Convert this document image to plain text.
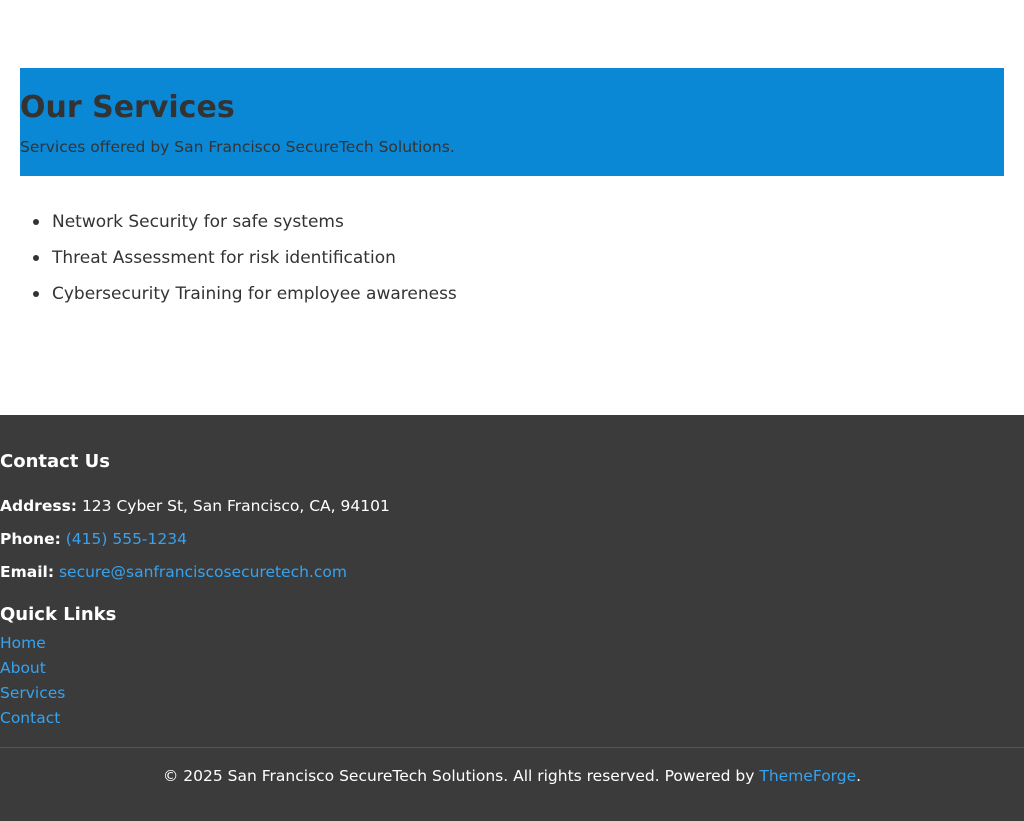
Our Services

Services offered by San Francisco SecureTech Solutions.

Network Security for safe systems
Threat Assessment for risk identification
Cybersecurity Training for employee awareness
Contact Us
Address: 123 Cyber St, San Francisco, CA, 94101
Phone: (415) 555-1234
Email: secure@sanfranciscosecuretech.com
Quick Links
Home
About
Services
Contact
© 2025 San Francisco SecureTech Solutions. All rights reserved. Powered by ThemeForge.
